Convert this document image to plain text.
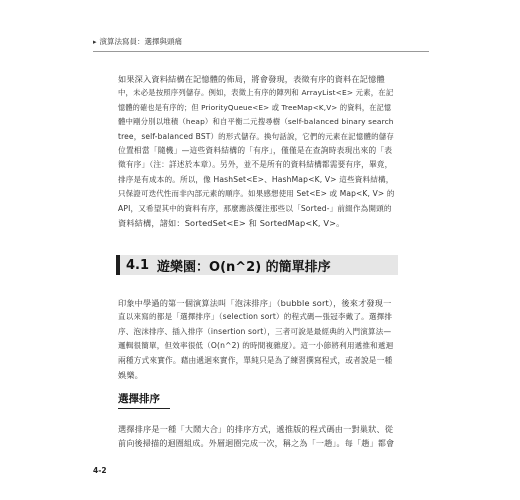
▸ 演算法寫員：選擇與頭痛
如果深入資料結構在記憶體的佈局，將會發現，表徵有序的資料在記憶體
中，未必是按照序列儲存。例如，表徵上有序的陣列和 ArrayList<E> 元素，在記
憶體的確也是有序的；但 PriorityQueue<E> 或 TreeMap<K,V> 的資料，在記憶
體中剛分別以堆積（heap）和自平衡二元搜尋樹（self-balanced binary search
tree，self-balanced BST）的形式儲存。換句話說，它們的元素在記憶體的儲存
位置相當「隨機」—這些資料結構的「有序」，僅僅是在查詢時表現出來的「表
徵有序」（注：詳述於本章）。另外，並不是所有的資料結構都需要有序，畢竟，
排序是有成本的。所以，像 HashSet<E>、HashMap<K, V> 這些資料結構，
只保證可迭代性而非內部元素的順序。如果感想使用 Set<E> 或 Map<K, V> 的
API，又希望其中的資料有序，那麼應該優注那些以「Sorted-」前綴作為開頭的
資料結構，諸如：SortedSet<E> 和 SortedMap<K, V>。
4.1 遊樂園：O(n^2) 的簡單排序
印象中學過的第一個演算法叫「泡沫排序」（bubble sort），後來才發現一
直以來寫的都是「選擇排序」（selection sort）的程式碼—張冠李戴了。選擇排
序、泡沫排序、插入排序（insertion sort），三者可說是最經典的入門演算法—
邏輯很簡單，但效率很低（O(n^2) 的時間複雜度）。這一小節將利用遞推和遞迴
兩種方式來實作。藉由遞迴來實作，單純只是為了練習撰寫程式，或者說是一種
娛樂。
選擇排序
選擇排序是一種「大鬧大合」的排序方式，遞推版的程式碼由一對巢狀、從
前向後掃描的迴圈組成。外層迴圈完成一次，稱之為「一趟」。每「趟」都會
4-2
